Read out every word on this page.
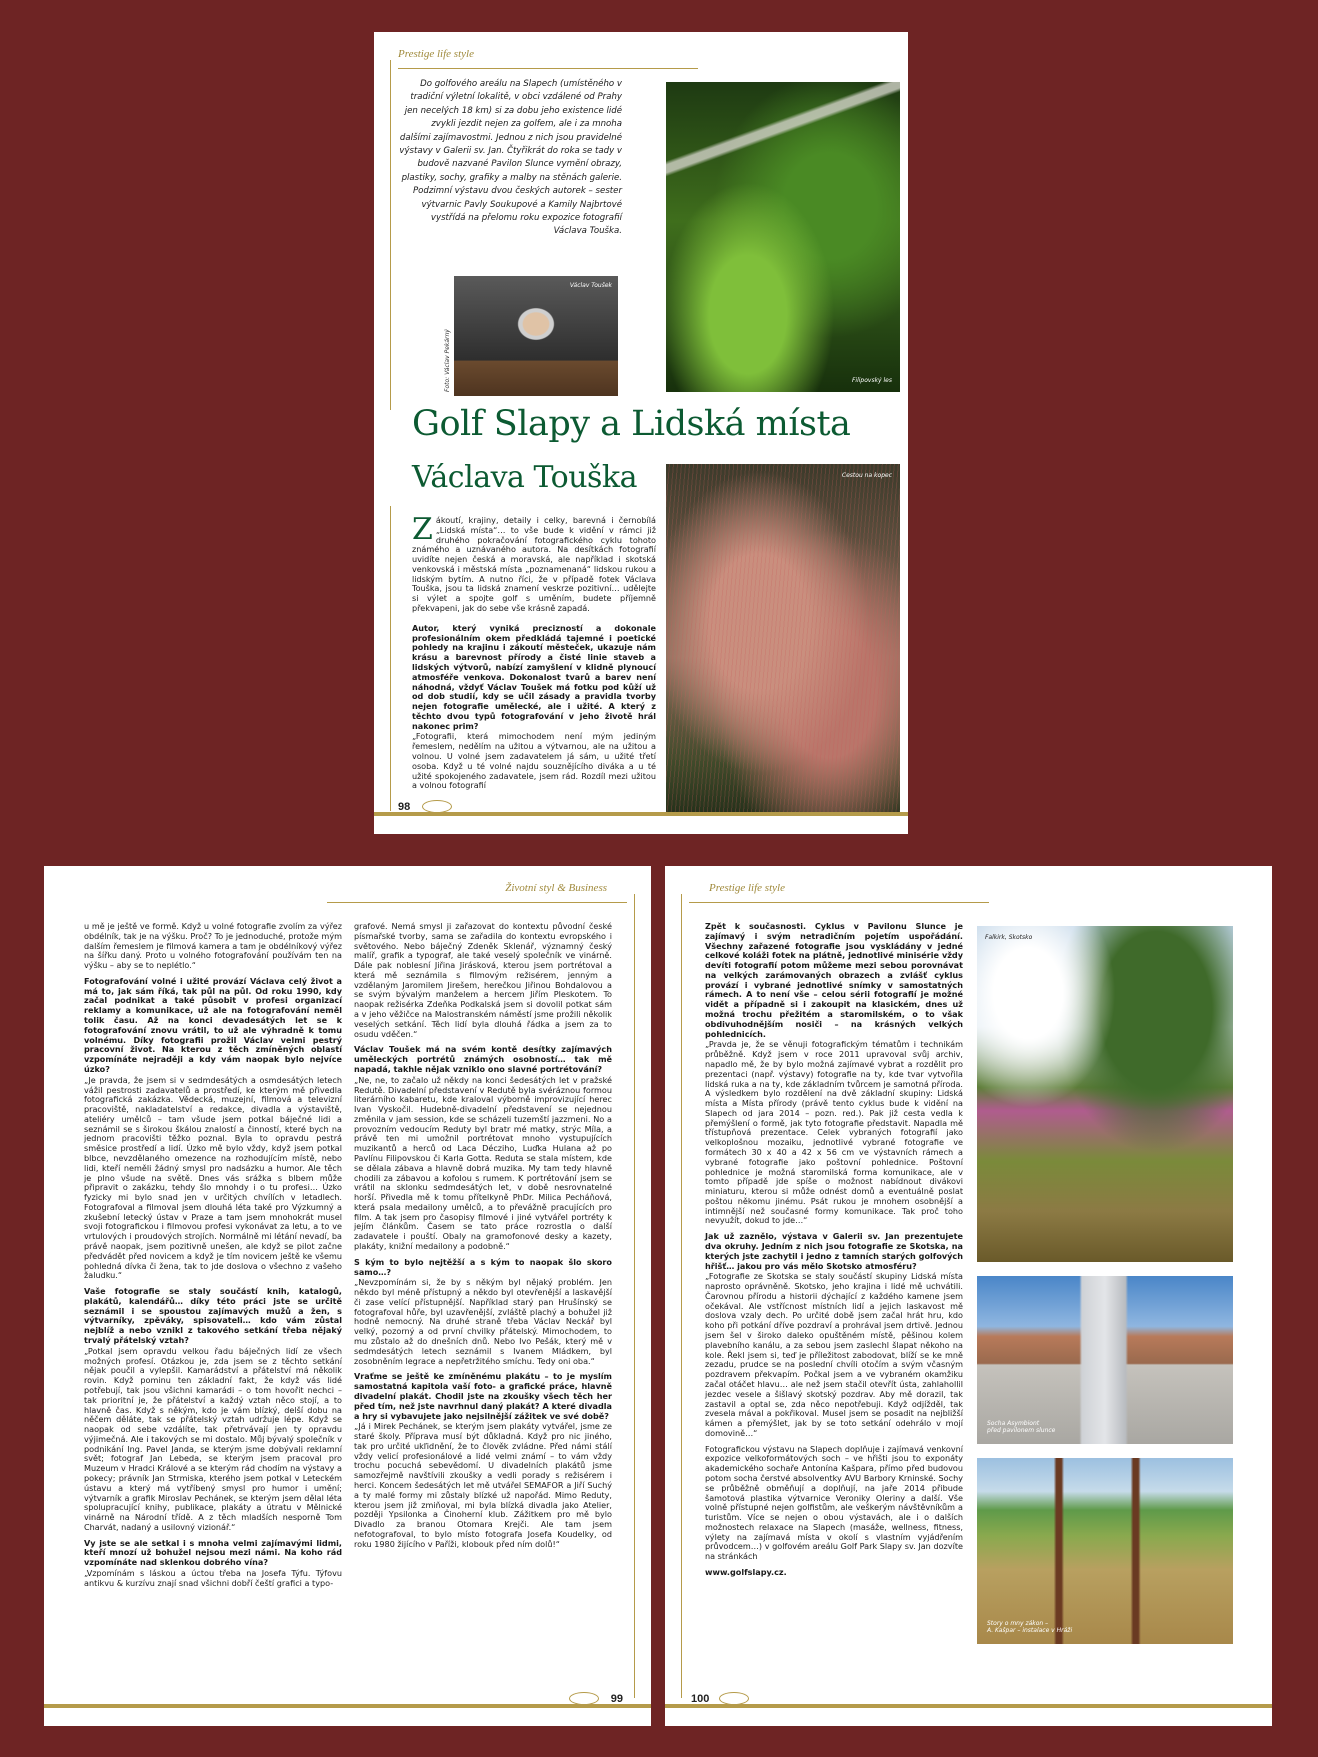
Prestige life style
Do golfového areálu na Slapech (umístěného v tradiční výletní lokalitě, v obci vzdálené od Prahy jen necelých 18 km) si za dobu jeho existence lidé zvykli jezdit nejen za golfem, ale i za mnoha dalšími zajímavostmi. Jednou z nich jsou pravidelné výstavy v Galerii sv. Jan. Čtyřikrát do roka se tady v budově nazvané Pavilon Slunce vymění obrazy, plastiky, sochy, grafiky a malby na stěnách galerie. Podzimní výstavu dvou českých autorek – sester výtvarnic Pavly Soukupové a Kamily Najbrtové vystřídá na přelomu roku expozice fotografií Václava Touška.
Václav Toušek
Foto: Václav Pekárný	Filipovský les
Golf Slapy a Lidská místa
Václava Touška	Cestou na kopec

Zákoutí, krajiny, detaily i celky, barevná i černobílá „Lidská místa“… to vše bude k vidění v rámci již druhého pokračování fotografického cyklu tohoto známého a uznávaného autora. Na desítkách fotografií uvidíte nejen česká a moravská, ale například i skotská venkovská i městská místa „poznamenaná“ lidskou rukou a lidským bytím. A nutno říci, že v případě fotek Václava Touška, jsou ta lidská znamení veskrze pozitivní… udělejte si výlet a spojte golf s uměním, budete příjemně překvapeni, jak do sebe vše krásně zapadá.

Autor, který vyniká precizností a dokonale profesionálním okem předkládá tajemné i poetické pohledy na krajinu i zákoutí městeček, ukazuje nám krásu a barevnost přírody a čisté linie staveb a lidských výtvorů, nabízí zamyšlení v klidně plynoucí atmosféře venkova. Dokonalost tvarů a barev není náhodná, vždyť Václav Toušek má fotku pod kůží už od dob studií, kdy se učil zásady a pravidla tvorby nejen fotografie umělecké, ale i užité. A který z těchto dvou typů fotografování v jeho životě hrál nakonec prim?

„Fotografii, která mimochodem není mým jediným řemeslem, nedělím na užitou a výtvarnou, ale na užitou a volnou. U volné jsem zadavatelem já sám, u užité třetí osoba. Když u té volné najdu souznějícího diváka a u té užité spokojeného zadavatele, jsem rád. Rozdíl mezi užitou a volnou fotografií

98
Životní styl & Business

u mě je ještě ve formě. Když u volné fotografie zvolím za výřez obdélník, tak je na výšku. Proč? To je jednoduché, protože mým dalším řemeslem je filmová kamera a tam je obdélníkový výřez na šířku daný. Proto u volného fotografování používám ten na výšku – aby se to neplétlo.“

Fotografování volné i užité provází Václava celý život a má to, jak sám říká, tak půl na půl. Od roku 1990, kdy začal podnikat a také působit v profesi organizací reklamy a komunikace, už ale na fotografování neměl tolik času. Až na konci devadesátých let se k fotografování znovu vrátil, to už ale výhradně k tomu volnému. Díky fotografii prožil Václav velmi pestrý pracovní život. Na kterou z těch zmíněných oblastí vzpomínáte nejraději a kdy vám naopak bylo nejvíce úzko?

„Je pravda, že jsem si v sedmdesátých a osmdesátých letech vážil pestrosti zadavatelů a prostředí, ke kterým mě přivedla fotografická zakázka. Vědecká, muzejní, filmová a televizní pracoviště, nakladatelství a redakce, divadla a výstaviště, ateliéry umělců – tam všude jsem potkal báječné lidi a seznámil se s širokou škálou znalostí a činností, které bych na jednom pracovišti těžko poznal. Byla to opravdu pestrá směsice prostředí a lidí. Úzko mě bylo vždy, když jsem potkal blbce, nevzdělaného omezence na rozhodujícím místě, nebo lidi, kteří neměli žádný smysl pro nadsázku a humor. Ale těch je plno všude na světě. Dnes vás srážka s blbem může připravit o zakázku, tehdy šlo mnohdy i o tu profesi… Úzko fyzicky mi bylo snad jen v určitých chvílích v letadlech. Fotografoval a filmoval jsem dlouhá léta také pro Výzkumný a zkušební letecký ústav v Praze a tam jsem mnohokrát musel svoji fotografickou i filmovou profesi vykonávat za letu, a to ve vrtulových i proudových strojích. Normálně mi létání nevadí, ba právě naopak, jsem pozitivně unešen, ale když se pilot začne předvádět před novicem a když je tím novicem ještě ke všemu pohledná dívka či žena, tak to jde doslova o všechno z vašeho žaludku.“

Vaše fotografie se staly součástí knih, katalogů, plakátů, kalendářů… díky této práci jste se určitě seznámil i se spoustou zajímavých mužů a žen, s výtvarníky, zpěváky, spisovateli… kdo vám zůstal nejblíž a nebo vznikl z takového setkání třeba nějaký trvalý přátelský vztah?

„Potkal jsem opravdu velkou řadu báječných lidí ze všech možných profesí. Otázkou je, zda jsem se z těchto setkání nějak poučil a vylepšil. Kamarádství a přátelství má několik rovin. Když pominu ten základní fakt, že když vás lidé potřebují, tak jsou všichni kamarádi – o tom hovořit nechci – tak prioritní je, že přátelství a každý vztah něco stojí, a to hlavně čas. Když s někým, kdo je vám blízký, delší dobu na něčem děláte, tak se přátelský vztah udržuje lépe. Když se naopak od sebe vzdálíte, tak přetrvávají jen ty opravdu výjimečná. Ale i takových se mi dostalo. Můj bývalý společník v podnikání Ing. Pavel Janda, se kterým jsme dobývali reklamní svět; fotograf Jan Lebeda, se kterým jsem pracoval pro Muzeum v Hradci Králové a se kterým rád chodím na výstavy a pokecy; právník Jan Strmiska, kterého jsem potkal v Leteckém ústavu a který má vytříbený smysl pro humor i umění; výtvarník a grafik Miroslav Pechánek, se kterým jsem dělal léta spolupracující knihy, publikace, plakáty a útratu v Mělnické vinárně na Národní třídě. A z těch mladších nesporně Tom Charvát, nadaný a usilovný vizionář.“

Vy jste se ale setkal i s mnoha velmi zajímavými lidmi, kteří mnozí už bohužel nejsou mezi námi. Na koho rád vzpomínáte nad sklenkou dobrého vína?

„Vzpomínám s láskou a úctou třeba na Josefa Týfu. Týfovu antikvu & kurzívu znají snad všichni dobří čeští grafici a typo-

grafové. Nemá smysl ji zařazovat do kontextu původní české písmařské tvorby, sama se zařadila do kontextu evropského i světového. Nebo báječný Zdeněk Sklenář, významný český malíř, grafik a typograf, ale také veselý společník ve vinárně. Dále pak noblesní Jiřina Jirásková, kterou jsem portrétoval a která mě seznámila s filmovým režisérem, jenným a vzdělaným Jaromilem Jirešem, herečkou Jiřinou Bohdalovou a se svým bývalým manželem a hercem Jiřím Pleskotem. To naopak režisérka Zdeňka Podkalská jsem si dovolil potkat sám a v jeho věžičce na Malostranském náměstí jsme prožili několik veselých setkání. Těch lidí byla dlouhá řádka a jsem za to osudu vděčen.“

Václav Toušek má na svém kontě desítky zajímavých uměleckých portrétů známých osobností… tak mě napadá, takhle nějak vzniklo ono slavné portrétování?

„Ne, ne, to začalo už někdy na konci šedesátých let v pražské Redutě. Divadelní představení v Redutě byla svéráznou formou literárního kabaretu, kde kraloval výborně improvizující herec Ivan Vyskočil. Hudebně-divadelní představení se nejednou změnila v jam session, kde se scházeli tuzemští jazzmeni. No a provozním vedoucím Reduty byl bratr mé matky, strýc Míla, a právě ten mi umožnil portrétovat mnoho vystupujících muzikantů a herců od Laca Décziho, Luďka Hulana až po Pavlínu Filipovskou či Karla Gotta. Reduta se stala místem, kde se dělala zábava a hlavně dobrá muzika. My tam tedy hlavně chodili za zábavou a kofolou s rumem. K portrétování jsem se vrátil na sklonku sedmdesátých let, v době nesrovnatelné horší. Přivedla mě k tomu přítelkyně PhDr. Milica Pecháňová, která psala medailony umělců, a to převážně pracujících pro film. A tak jsem pro časopisy filmové i jiné vytvářel portréty k jejím článkům. Časem se tato práce rozrostla o další zadavatele i pouští. Obaly na gramofonové desky a kazety, plakáty, knižní medailony a podobně.“

S kým to bylo nejtěžší a s kým to naopak šlo skoro samo…?

„Nevzpomínám si, že by s někým byl nějaký problém. Jen někdo byl méně přístupný a někdo byl otevřenější a laskavější či zase velící přístupnější. Například starý pan Hrušínský se fotografoval hůře, byl uzavřenější, zvláště plachý a bohužel již hodně nemocný. Na druhé straně třeba Václav Neckář byl velký, pozorný a od první chvilky přátelský. Mimochodem, to mu zůstalo až do dnešních dnů. Nebo Ivo Pešák, který mě v sedmdesátých letech seznámil s Ivanem Mládkem, byl zosobněním legrace a nepřetržitého smíchu. Tedy oni oba.“

Vraťme se ještě ke zmíněnému plakátu – to je myslím samostatná kapitola vaší foto- a grafické práce, hlavně divadelní plakát. Chodil jste na zkoušky všech těch her před tím, než jste navrhnul daný plakát? A které divadla a hry si vybavujete jako nejsilnější zážitek ve své době?

„Já i Mirek Pechánek, se kterým jsem plakáty vytvářel, jsme ze staré školy. Příprava musí být důkladná. Když pro nic jiného, tak pro určité ukľidnění, že to člověk zvládne. Před námi stálí vždy velicí profesionálové a lidé velmi známí – to vám vždy trochu pocuchá sebevědomí. U divadelních plakátů jsme samozřejmě navštívili zkoušky a vedli porady s režisérem i herci. Koncem šedesátých let mě utvářel SEMAFOR a Jiří Suchý a ty malé formy mi zůstaly blízké už napořád. Mimo Reduty, kterou jsem již zmiňoval, mi byla blízká divadla jako Atelier, později Ypsilonka a Činoherní klub. Zážitkem pro mě bylo Divadlo za branou Otomara Krejči. Ale tam jsem nefotografoval, to bylo místo fotografa Josefa Koudelky, od roku 1980 žijícího v Paříži, klobouk před ním dolů!“

99
Prestige life style

Zpět k současnosti. Cyklus v Pavilonu Slunce je zajímavý i svým netradičním pojetím uspořádání. Všechny zařazené fotografie jsou vyskládány v jedné celkové koláži fotek na plátně, jednotlivé minisérie vždy devíti fotografií potom můžeme mezi sebou porovnávat na velkých zarámovaných obrazech a zvlášť cyklus provází i vybrané jednotlivé snímky v samostatných rámech. A to není vše – celou sérii fotografií je možné vidět a případně si i zakoupit na klasickém, dnes už možná trochu přežitém a staromilském, o to však obdivuhodnějším nosiči – na krásných velkých pohlednicích.

„Pravda je, že se věnuji fotografickým tématům i technikám průběžně. Když jsem v roce 2011 upravoval svůj archiv, napadlo mě, že by bylo možná zajímavé vybrat a rozdělit pro prezentaci (např. výstavy) fotografie na ty, kde tvar vytvořila lidská ruka a na ty, kde základním tvůrcem je samotná příroda. A výsledkem bylo rozdělení na dvě základní skupiny: Lidská místa a Místa přírody (právě tento cyklus bude k vidění na Slapech od jara 2014 – pozn. red.). Pak již cesta vedla k přemýšlení o formě, jak tyto fotografie představit. Napadla mě třístupňová prezentace. Celek vybraných fotografií jako velkoplošnou mozaiku, jednotlivé vybrané fotografie ve formátech 30 x 40 a 42 x 56 cm ve výstavních rámech a vybrané fotografie jako poštovní pohlednice. Poštovní pohlednice je možná staromilská forma komunikace, ale v tomto případě jde spíše o možnost nabídnout divákovi miniaturu, kterou si může odnést domů a eventuálně poslat poštou někomu jinému. Psát rukou je mnohem osobnější a intimnější než současné formy komunikace. Tak proč toho nevyužít, dokud to jde…“

Jak už zaznělo, výstava v Galerii sv. Jan prezentujete dva okruhy. Jedním z nich jsou fotografie ze Skotska, na kterých jste zachytil i jedno z tamních starých golfových hřišť… jakou pro vás mělo Skotsko atmosféru?

„Fotografie ze Skotska se staly součástí skupiny Lidská místa naprosto oprávněně. Skotsko, jeho krajina i lidé mě uchvátili. Čarovnou přírodu a historii dýchající z každého kamene jsem očekával. Ale vstřícnost místních lidí a jejich laskavost mě doslova vzaly dech. Po určité době jsem začal hrát hru, kdo koho při potkání dříve pozdraví a prohrával jsem drtivě. Jednou jsem šel v široko daleko opuštěném místě, pěšinou kolem plavebního kanálu, a za sebou jsem zaslechl šlapat někoho na kole. Řekl jsem si, teď je příležitost zabodovat, blíží se ke mně zezadu, prudce se na poslední chvíli otočím a svým včasným pozdravem překvapím. Počkal jsem a ve vybraném okamžiku začal otáčet hlavu… ale než jsem stačil otevřít ústa, zahlahollil jezdec vesele a šišlavý skotský pozdrav. Aby mě dorazil, tak zastavil a optal se, zda něco nepotřebuji. Když odjížděl, tak zvesela mával a pokřikoval. Musel jsem se posadit na nejbližší kámen a přemýšlet, jak by se toto setkání odehrálo v mojí domovině…“

Fotografickou výstavu na Slapech doplňuje i zajímavá venkovní expozice velkoformátových soch – ve hřišti jsou to exponáty akademického sochaře Antonína Kašpara, přímo před budovou potom socha čerstvé absolventky AVU Barbory Krninské. Sochy se průběžně obměňují a doplňují, na jaře 2014 přibude šamotová plastika výtvarnice Veroniky Oleriny a další. Vše volně přístupné nejen golfistům, ale veškerým návštěvníkům a turistům. Více se nejen o obou výstavách, ale i o dalších možnostech relaxace na Slapech (masáže, wellness, fitness, výlety na zajímavá místa v okolí s vlastním vyjádřením průvodcem…) v golfovém areálu Golf Park Slapy sv. Jan dozvíte na stránkách

www.golfslapy.cz.

Falkirk, Skotsko
Socha Asymbiont
před pavilonem slunce
Story o mny zákon –
A. Kašpar – instalace v Hráži
100
